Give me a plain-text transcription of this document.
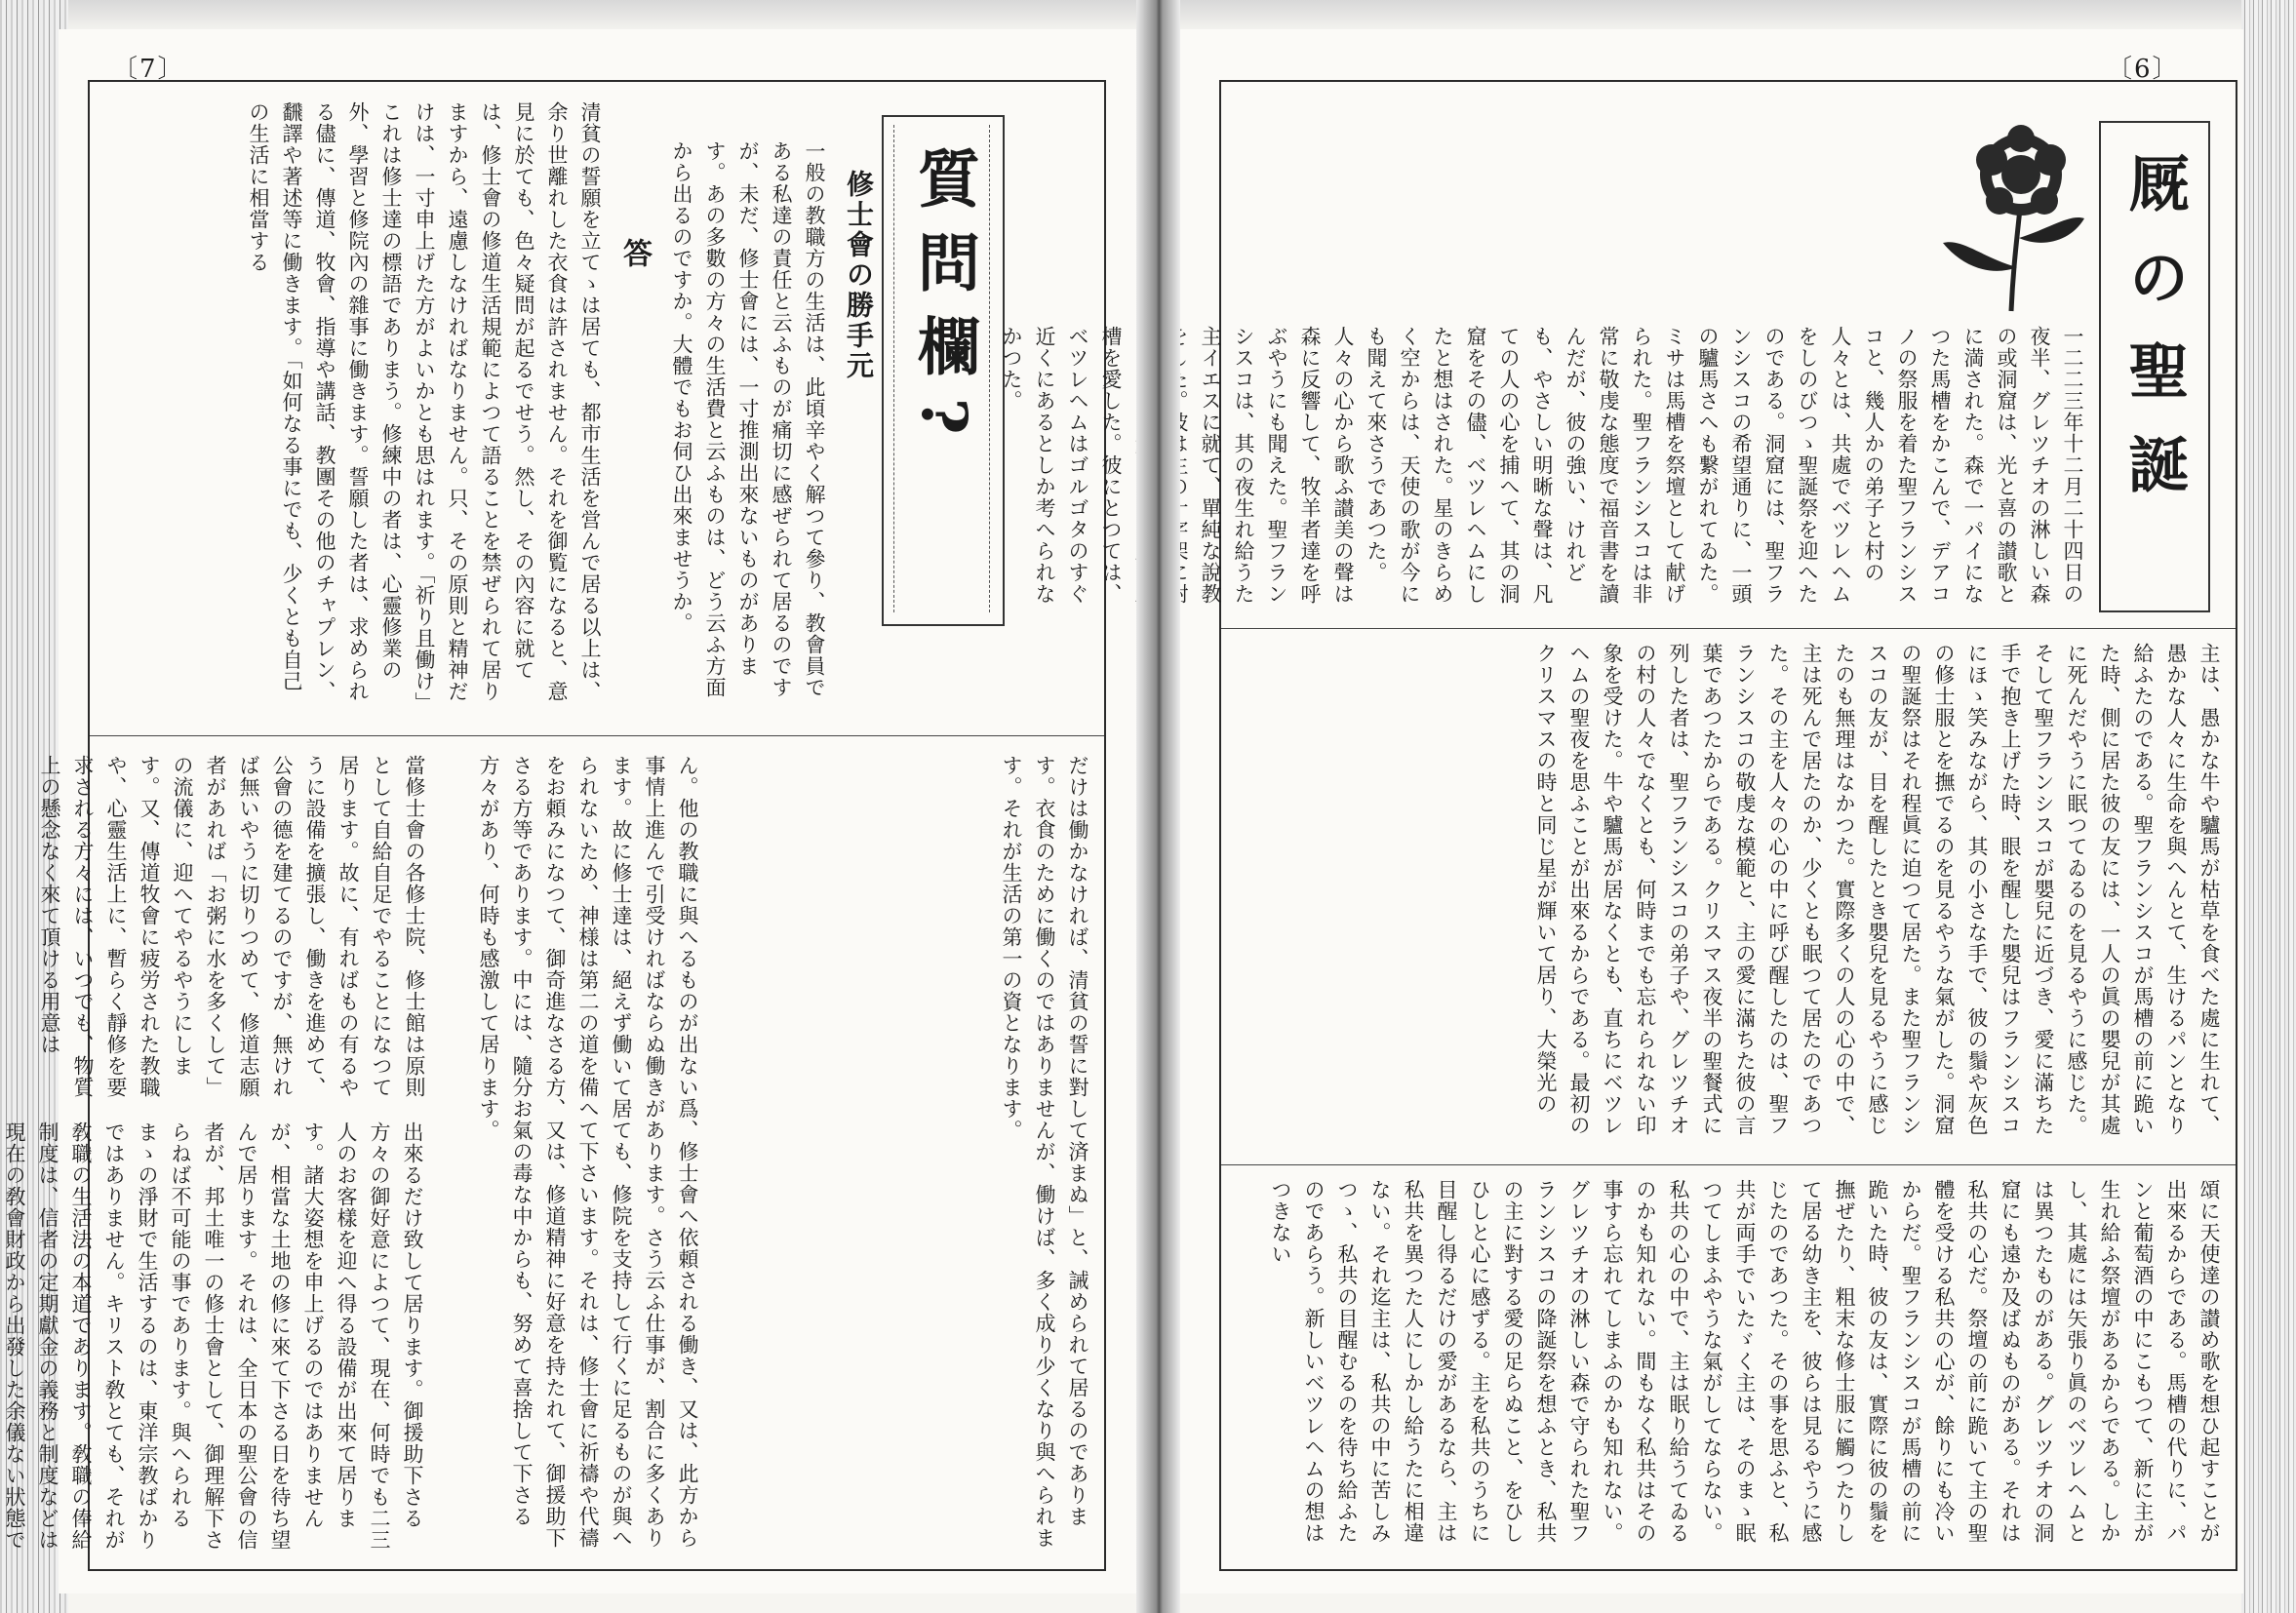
〔7〕
質問欄?
修士會の勝手元
一般の教職方の生活は、此頃辛やく解つて參り、教會員である私達の責任と云ふものが痛切に感ぜられて居るのですが、未だ、修士會には、一寸推測出來ないものがあります。あの多數の方々の生活費と云ふものは、どう云ふ方面から出るのですか。大體でもお伺ひ出來ませうか。
答
清貧の誓願を立てゝは居ても、都市生活を営んで居る以上は、余り世離れした衣食は許されません。それを御覧になると、意見に於ても、色々疑問が起るでせう。然し、その內容に就ては、修士會の修道生活規範によつて語ることを禁ぜられて居りますから、遠慮しなければなりません。只、その原則と精神だけは、一寸申上げた方がよいかとも思はれます。「祈り且働け」これは修士達の標語でありまう。修練中の者は、心靈修業の外、學習と修院內の雜事に働きます。誓願した者は、求められる儘に、傳道、牧會、指導や講話、教團その他のチャプレン、飜譯や著述等に働きます。「如何なる事にでも、少くとも自己の生活に相當する
だけは働かなければ、清貧の誓に對して済まぬ」と、誡められて居るのであります。衣食のために働くのではありませんが、働けば、多く成り少くなり與へられます。それが生活の第一の資となります。
ん。他の教職に與へるものが出ない爲、修士會へ依頼される働き、又は、此方から事情上進んで引受ければならぬ働きがあります。さう云ふ仕事が、割合に多くあります。故に修士達は、絕えず働いて居ても、修院を支持して行くに足るものが與へられないため、神様は第二の道を備へて下さいます。それは、修士會に祈禱や代禱をお頼みになつて、御奇進なさる方、又は、修道精神に好意を持たれて、御援助下さる方等であります。中には、隨分お氣の毒な中からも、努めて喜捨して下さる方々があり、何時も感激して居ります。
當修士會の各修士院、修士館は原則として自給自足でやることになつて居ります。故に、有ればもの有るやうに設備を擴張し、働きを進めて、公會の德を建てるのですが、無ければ無いやうに切りつめて、修道志願者があれば「お粥に水を多くして」の流儀に、迎へてやるやうにします。又、傳道牧會に疲労された教職や、心靈生活上に、暫らく靜修を要求される方々には、いつでも、物質上の懸念なく來て頂ける用意は
〔6〕
厩の聖誕
一二二三年十二月二十四日の夜半、グレツチオの淋しい森の或洞窟は、光と喜の讃歌とに満された。森で一パイになつた馬槽をかこんで、デアコノの祭服を着た聖フランシスコと、幾人かの弟子と村の人々とは、共處でベツレヘムをしのびつゝ聖誕祭を迎へたのである。洞窟には、聖フランシスコの希望通りに、一頭の驢馬さへも繋がれてゐた。ミサは馬槽を祭壇として献げられた。聖フランシスコは非常に敬虔な態度で福音書を讀んだが、彼の強い、けれども、やさしい明晰な聲は、凡ての人の心を捕へて、其の洞窟をその儘、ベツレヘムにしたと想はされた。星のきらめく空からは、天使の歌が今にも聞えて來さうであつた。人々の心から歌ふ讃美の聲は森に反響して、牧羊者達を呼ぶやうにも聞えた。聖フランシスコは、其の夜生れ給うた主イエスに就て、單純な說教 槽を愛した。彼にとつては、ベツレヘムはゴルゴタのすぐ近くにあるとしか考へられなかつた。
主は、愚かな牛や驢馬が枯草を食べた處に生れて、愚かな人々に生命を與へんとて、生けるパンとなり給ふたのである。聖フランシスコが馬槽の前に跪いた時、側に居た彼の友には、一人の眞の嬰兒が其處に死んだやうに眠つてゐるのを見るやうに感じた。そして聖フランシスコが嬰兒に近づき、愛に滿ちた手で抱き上げた時、眼を醒した嬰兒はフランシスコにほゝ笑みながら、其の小さな手で、彼の鬚や灰色の修士服とを撫でるのを見るやうな氣がした。洞窟の聖誕祭はそれ程眞に迫つて居た。また聖フランシスコの友が、目を醒したとき嬰兒を見るやうに感じたのも無理はなかつた。實際多くの人の心の中で、主は死んで居たのか、少くとも眠つて居たのであつた。その主を人々の心の中に呼び醒したのは、聖フランシスコの敬虔な模範と、主の愛に滿ちた彼の言葉であつたからである。クリスマス夜半の聖餐式に列した者は、聖フランシスコの弟子や、グレツチオの村の人々でなくとも、何時までも忘れられない印象を受けた。牛や驢馬が居なくとも、直ちにベツレヘムの聖夜を思ふことが出來るからである。最初のクリスマスの時と同じ星が輝いて居り、大榮光の
頌に天使達の讃め歌を想ひ起すことが出來るからである。馬槽の代りに、パンと葡萄酒の中にこもつて、新に主が生れ給ふ祭壇があるからである。しかし、其處には矢張り眞のベツレヘムとは異つたものがある。グレツチオの洞窟にも遠か及ばぬものがある。それは私共の心だ。祭壇の前に跪いて主の聖體を受ける私共の心が、餘りにも冷いからだ。聖フランシスコが馬槽の前に跪いた時、彼の友は、實際に彼の鬚を撫ぜたり、粗末な修士服に觸つたりして居る幼き主を、彼らは見るやうに感じたのであつた。その事を思ふと、私共が両手でいたゞく主は、そのまゝ眠つてしまふやうな氣がしてならない。私共の心の中で、主は眠り給うてゐるのかも知れない。間もなく私共はその事すら忘れてしまふのかも知れない。グレツチオの淋しい森で守られた聖フランシスコの降誕祭を想ふとき、私共の主に對する愛の足らぬこと、をひしひしと心に感ずる。主を私共のうちに目醒し得るだけの愛があるなら、主は私共を異つた人にしかし給うたに相違ない。それ迄主は、私共の中に苦しみつゝ、私共の目醒むるのを待ち給ふたのであらう。新しいベツレヘムの想はつきない
出來るだけ致して居ります。御援助下さる方々の御好意によつて、現在、何時でも二三人のお客樣を迎へ得る設備が出來て居ります。諸大姿想を申上げるのではありませんが、相當な土地の修に來て下さる日を待ち望んで居ります。それは、全日本の聖公會の信者が、邦土唯一の修士會として、御理解下さらねば不可能の事であります。與へられるまゝの淨財で生活するのは、東洋宗教ばかりではありません。キリスト敎とても、それが敎職の生活法の本道であります。敎職の俸給制度は、信者の定期獻金の義務と制度などは現在の敎會財政から出發した余儀ない狀態で
